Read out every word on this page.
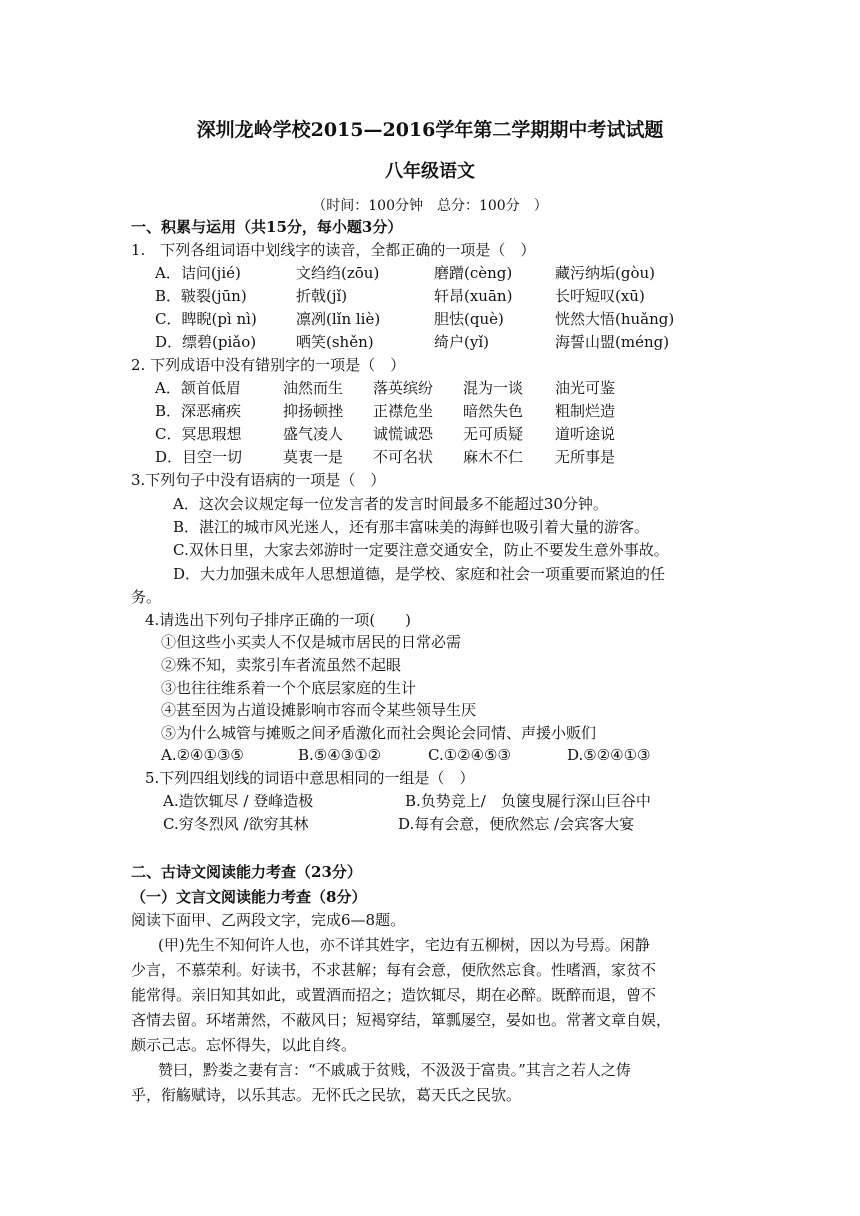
深圳龙岭学校2015—2016学年第二学期期中考试试题
八年级语文
（时间：100分钟　总分：100分　）
一、积累与运用（共15分，每小题3分）
1.　下列各组词语中划线字的读音，全都正确的一项是（　）
A．诘问(jié)	文绉绉(zōu)	磨蹭(cèng)	藏污纳垢(gòu)
B．皲裂(jūn)	折戟(jǐ)	轩昂(xuān)	长吁短叹(xū)
C．睥睨(pì nì)	凛冽(lǐn liè)	胆怯(què)	恍然大悟(huǎng)
D．缥碧(piǎo)	哂笑(shěn)	绮户(yǐ)	海誓山盟(méng)
2. 下列成语中没有错别字的一项是（　）
A．颔首低眉	油然而生 落英缤纷 混为一谈 油光可鉴
B．深恶痛疾	抑扬顿挫 正襟危坐 暗然失色 粗制烂造
C．冥思瑕想	盛气凌人 诚慌诚恐 无可质疑 道听途说
D．目空一切	莫衷一是 不可名状 麻木不仁 无所事是
3.下列句子中没有语病的一项是（　）
A．这次会议规定每一位发言者的发言时间最多不能超过30分钟。
B．湛江的城市风光迷人，还有那丰富味美的海鲜也吸引着大量的游客。
C.双休日里，大家去郊游时一定要注意交通安全，防止不要发生意外事故。
D．大力加强未成年人思想道德，是学校、家庭和社会一项重要而紧迫的任
务。
4.请选出下列句子排序正确的一项(　　)
①但这些小买卖人不仅是城市居民的日常必需
②殊不知，卖浆引车者流虽然不起眼
③也往往维系着一个个底层家庭的生计
④甚至因为占道设摊影响市容而令某些领导生厌
⑤为什么城管与摊贩之间矛盾激化而社会舆论会同情、声援小贩们
A.②④①③⑤	B.⑤④③①②	C.①②④⑤③	D.⑤②④①③
5.下列四组划线的词语中意思相同的一组是（　）
A.造饮辄尽 / 登峰造极	B.负势竞上/　负箧曳屣行深山巨谷中
C.穷冬烈风 /欲穷其林	D.每有会意，便欣然忘 /会宾客大宴
二、古诗文阅读能力考查（23分）
（一）文言文阅读能力考查（8分）
阅读下面甲、乙两段文字，完成6—8题。
(甲)先生不知何许人也，亦不详其姓字，宅边有五柳树，因以为号焉。闲静
少言，不慕荣利。好读书，不求甚解；每有会意，便欣然忘食。性嗜酒，家贫不
能常得。亲旧知其如此，或置酒而招之；造饮辄尽，期在必醉。既醉而退，曾不
吝情去留。环堵萧然，不蔽风日；短褐穿结，箪瓢屡空，晏如也。常著文章自娱，
颇示己志。忘怀得失，以此自终。
赞曰，黔娄之妻有言：“不戚戚于贫贱，不汲汲于富贵。”其言之若人之俦
乎，衔觞赋诗，以乐其志。无怀氏之民欤，葛天氏之民欤。
